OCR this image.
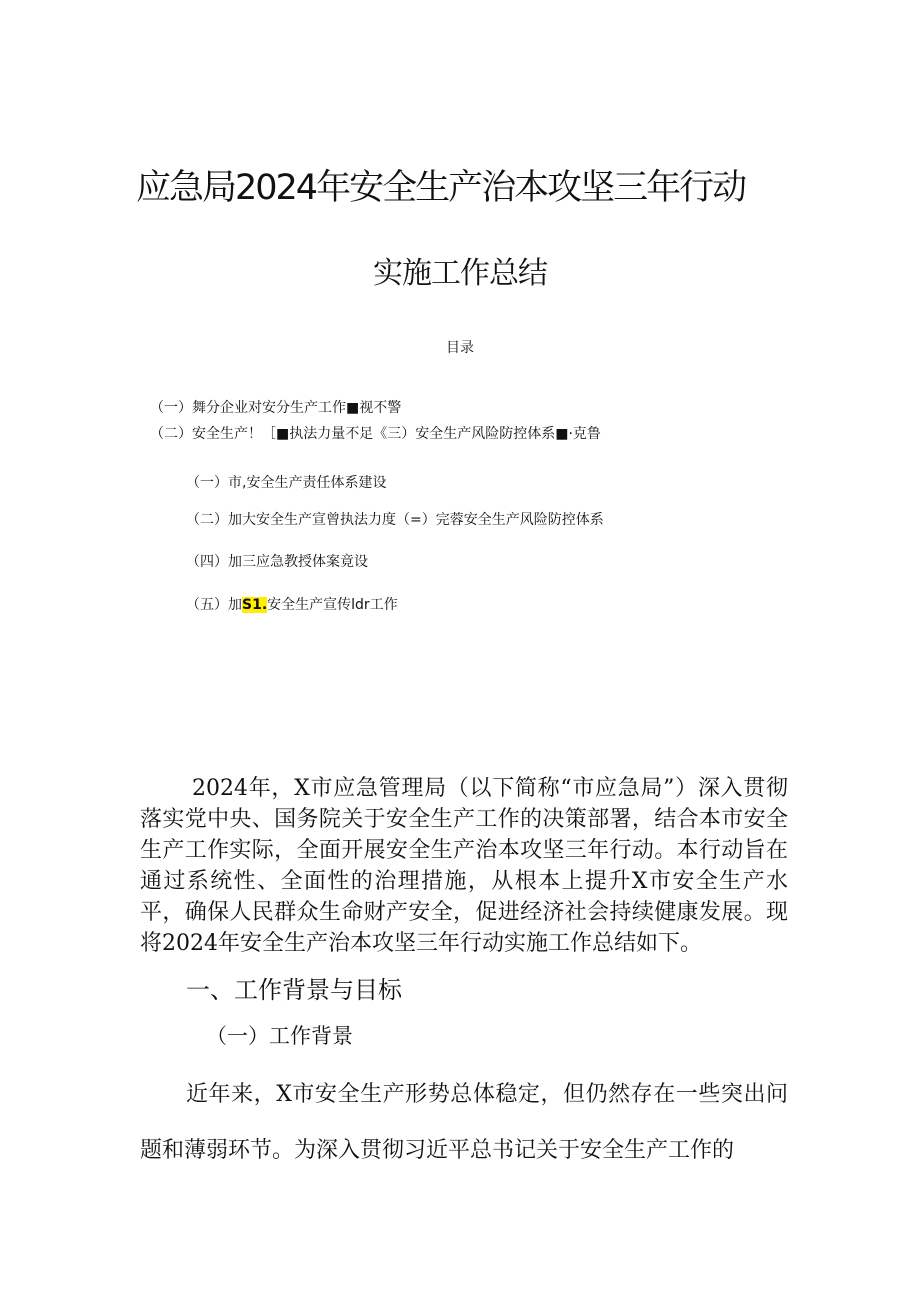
应急局2024年安全生产治本攻坚三年行动
实施工作总结
目录
（一）舞分企业对安分生产工作■视不警
（二）安全生产！［■执法力量不足《三）安全生产风险防控体系■·克鲁
（一）市,安全生产责任体系建设
（二）加大安全生产宣曾执法力度（=）完蓉安全生产风险防控体系
（四）加三应急教授体案竟设
（五）加S1.安全生产宣传ldr工作
2024年，X市应急管理局（以下简称“市应急局”）深入贯彻落实党中央、国务院关于安全生产工作的决策部署，结合本市安全生产工作实际，全面开展安全生产治本攻坚三年行动。本行动旨在通过系统性、全面性的治理措施，从根本上提升X市安全生产水平，确保人民群众生命财产安全，促进经济社会持续健康发展。现将2024年安全生产治本攻坚三年行动实施工作总结如下。
一、工作背景与目标
（一）工作背景
近年来，X市安全生产形势总体稳定，但仍然存在一些突出问题和薄弱环节。为深入贯彻习近平总书记关于安全生产工作的
